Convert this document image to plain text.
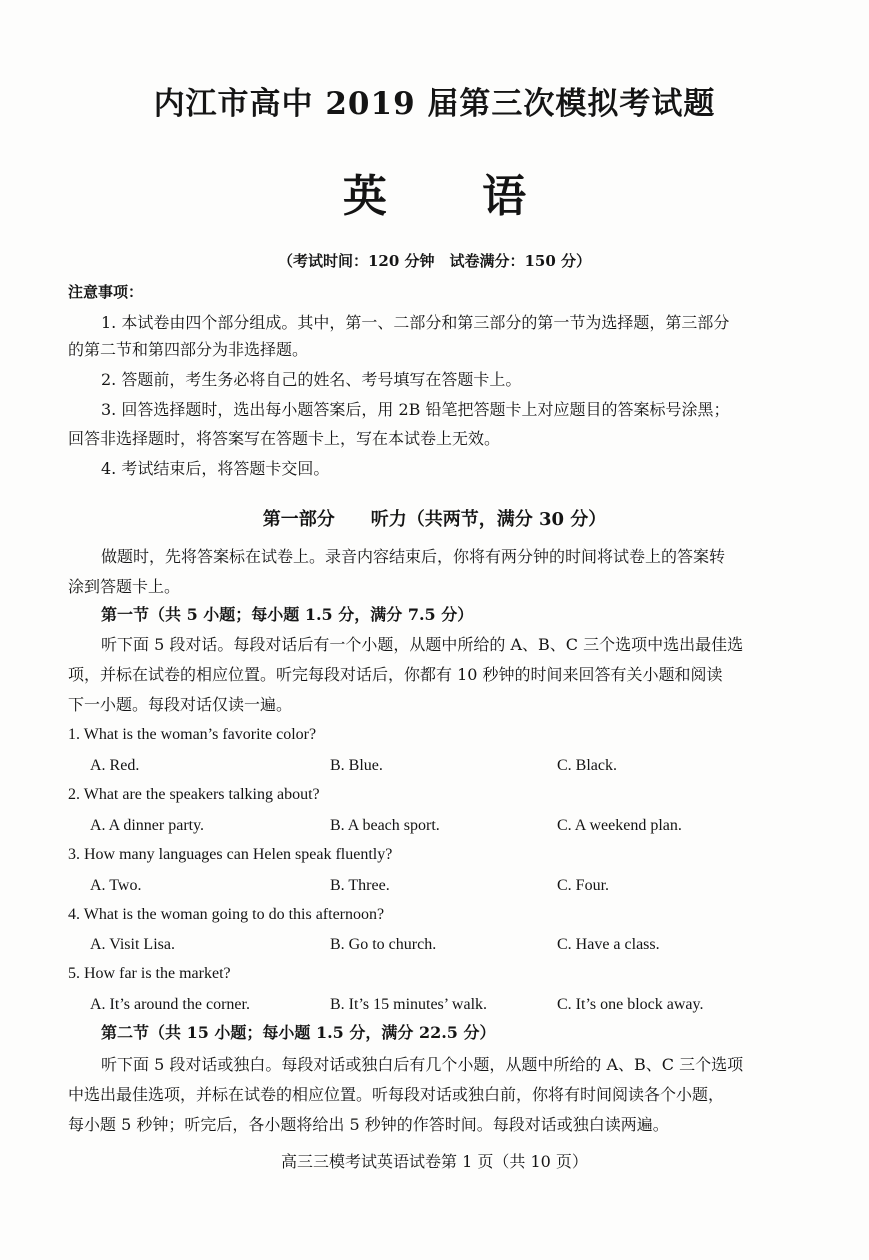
内江市高中 2019 届第三次模拟考试题
英 语
（考试时间：120 分钟　试卷满分：150 分）
注意事项：
1. 本试卷由四个部分组成。其中，第一、二部分和第三部分的第一节为选择题，第三部分
的第二节和第四部分为非选择题。
2. 答题前，考生务必将自己的姓名、考号填写在答题卡上。
3. 回答选择题时，选出每小题答案后，用 2B 铅笔把答题卡上对应题目的答案标号涂黑；
回答非选择题时，将答案写在答题卡上，写在本试卷上无效。
4. 考试结束后，将答题卡交回。
第一部分　　听力（共两节，满分 30 分）
做题时，先将答案标在试卷上。录音内容结束后，你将有两分钟的时间将试卷上的答案转
涂到答题卡上。
第一节（共 5 小题；每小题 1.5 分，满分 7.5 分）
听下面 5 段对话。每段对话后有一个小题，从题中所给的 A、B、C 三个选项中选出最佳选
项，并标在试卷的相应位置。听完每段对话后，你都有 10 秒钟的时间来回答有关小题和阅读
下一小题。每段对话仅读一遍。
1. What is the woman’s favorite color?
A. Red.	B. Blue.	C. Black.
2. What are the speakers talking about?
A. A dinner party.	B. A beach sport.	C. A weekend plan.
3. How many languages can Helen speak fluently?
A. Two.	B. Three.	C. Four.
4. What is the woman going to do this afternoon?
A. Visit Lisa.	B. Go to church.	C. Have a class.
5. How far is the market?
A. It’s around the corner.	B. It’s 15 minutes’ walk.	C. It’s one block away.
第二节（共 15 小题；每小题 1.5 分，满分 22.5 分）
听下面 5 段对话或独白。每段对话或独白后有几个小题，从题中所给的 A、B、C 三个选项
中选出最佳选项，并标在试卷的相应位置。听每段对话或独白前，你将有时间阅读各个小题，
每小题 5 秒钟；听完后，各小题将给出 5 秒钟的作答时间。每段对话或独白读两遍。
高三三模考试英语试卷第 1 页（共 10 页）
